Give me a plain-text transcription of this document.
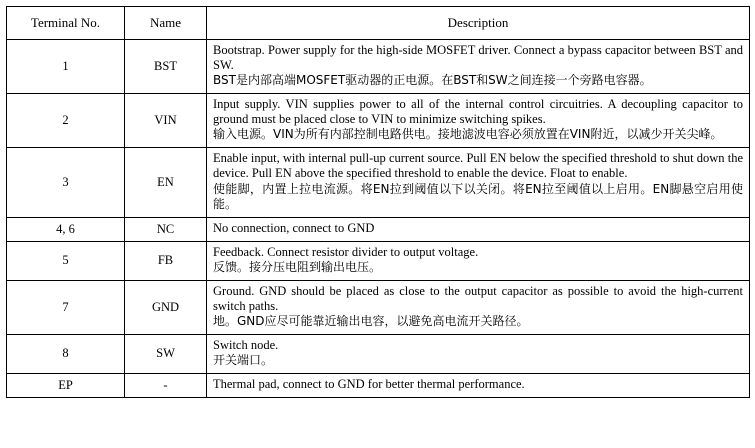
Terminal No.	Name	Description
1	BST	Bootstrap. Power supply for the high-side MOSFET driver. Connect a bypass capacitor between BST and SW.
BST是内部高端MOSFET驱动器的正电源。在BST和SW之间连接一个旁路电容器。

2	VIN	Input supply. VIN supplies power to all of the internal control circuitries. A decoupling capacitor to ground must be placed close to VIN to minimize switching spikes.
输入电源。VIN为所有内部控制电路供电。接地滤波电容必须放置在VIN附近，以减少开关尖峰。

3	EN	Enable input, with internal pull-up current source. Pull EN below the specified threshold to shut down the device. Pull EN above the specified threshold to enable the device. Float to enable.
使能脚，内置上拉电流源。将EN拉到阈值以下以关闭。将EN拉至阈值以上启用。EN脚悬空启用使能。

4, 6	NC	No connection, connect to GND

5	FB	Feedback. Connect resistor divider to output voltage.
反馈。接分压电阻到输出电压。

7	GND	Ground. GND should be placed as close to the output capacitor as possible to avoid the high-current switch paths.
地。GND应尽可能靠近输出电容，以避免高电流开关路径。

8	SW	Switch node.
开关端口。

EP	-	Thermal pad, connect to GND for better thermal performance.
